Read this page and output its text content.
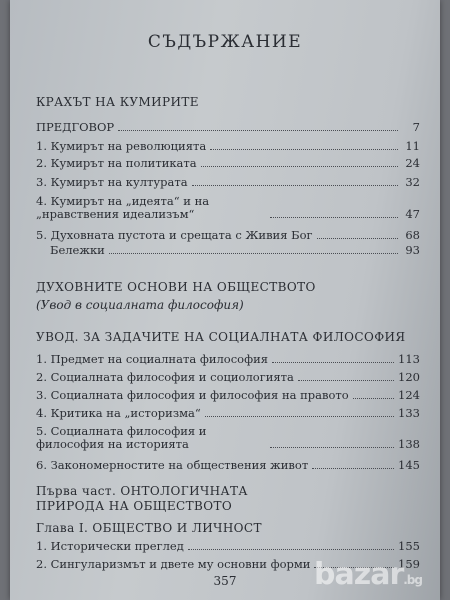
СЪДЪРЖАНИЕ
КРАХЪТ НА КУМИРИТЕ
ПРЕДГОВОР	7
1. Кумирът на революцията	11
2. Кумирът на политиката	24
3. Кумирът на културата	32
4. Кумирът на „идеята“ и на „нравствения идеализъм“	47
5. Духовната пустота и срещата с Живия Бог	68
Бележки	93
ДУХОВНИТЕ ОСНОВИ НА ОБЩЕСТВОТО
(Увод в социалната философия)
УВОД. ЗА ЗАДАЧИТЕ НА СОЦИАЛНАТА ФИЛОСОФИЯ
1. Предмет на социалната философия	113
2. Социалната философия и социологията	120
3. Социалната философия и философия на правото	124
4. Критика на „историзма“	133
5. Социалната философия и философия на историята	138
6. Закономерностите на обществения живот	145
Първа част. ОНТОЛОГИЧНАТА ПРИРОДА НА ОБЩЕСТВОТО
Глава I. ОБЩЕСТВО И ЛИЧНОСТ
1. Исторически преглед	155
2. Сингуларизмът и двете му основни форми	159
357	bazar.bg
